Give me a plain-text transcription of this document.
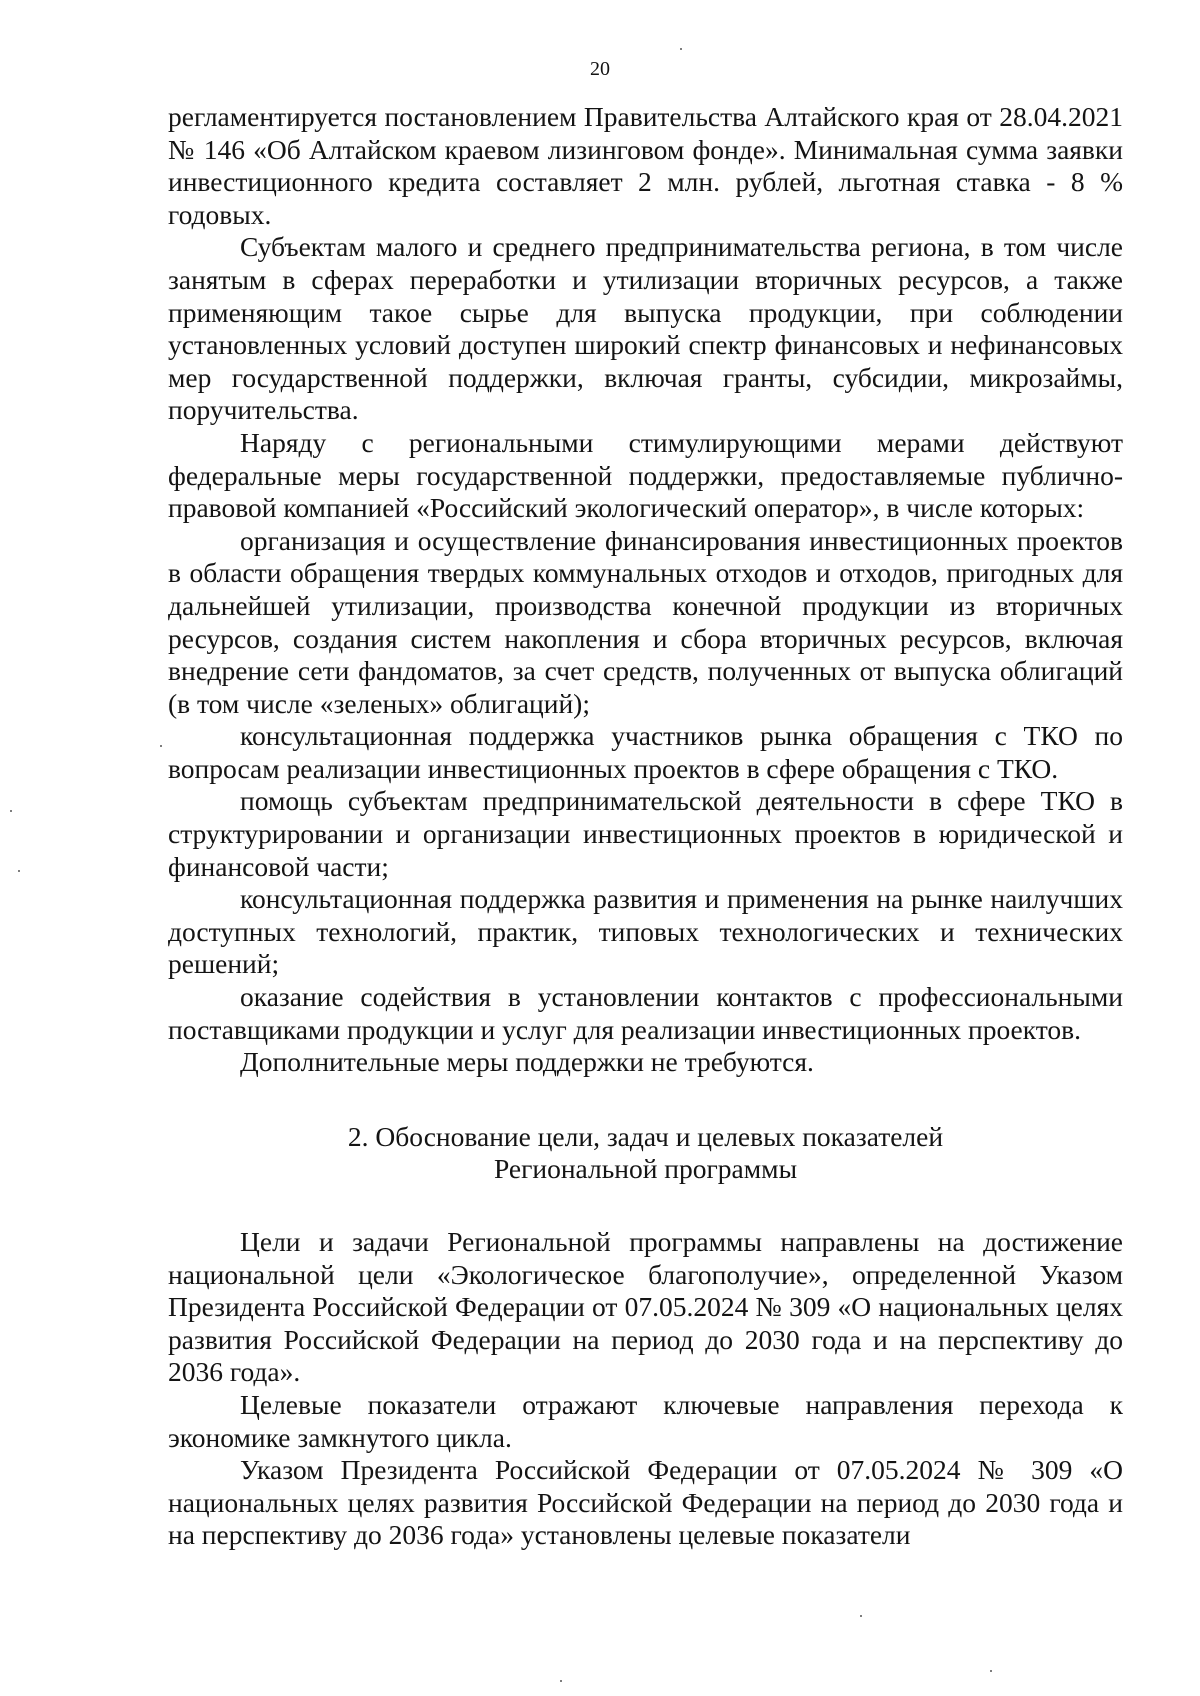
20

регламентируется постановлением Правительства Алтайского края от 28.04.2021 № 146 «Об Алтайском краевом лизинговом фонде». Минимальная сумма заявки инвестиционного кредита составляет 2 млн. рублей, льготная ставка - 8 % годовых.

Субъектам малого и среднего предпринимательства региона, в том числе занятым в сферах переработки и утилизации вторичных ресурсов, а также применяющим такое сырье для выпуска продукции, при соблюдении установленных условий доступен широкий спектр финансовых и нефинансовых мер государственной поддержки, включая гранты, субсидии, микрозаймы, поручительства.

Наряду с региональными стимулирующими мерами действуют федеральные меры государственной поддержки, предоставляемые публично-правовой компанией «Российский экологический оператор», в числе которых:

организация и осуществление финансирования инвестиционных проектов в области обращения твердых коммунальных отходов и отходов, пригодных для дальнейшей утилизации, производства конечной продукции из вторичных ресурсов, создания систем накопления и сбора вторичных ресурсов, включая внедрение сети фандоматов, за счет средств, полученных от выпуска облигаций (в том числе «зеленых» облигаций);

консультационная поддержка участников рынка обращения с ТКО по вопросам реализации инвестиционных проектов в сфере обращения с ТКО.

помощь субъектам предпринимательской деятельности в сфере ТКО в структурировании и организации инвестиционных проектов в юридической и финансовой части;

консультационная поддержка развития и применения на рынке наилучших доступных технологий, практик, типовых технологических и технических решений;

оказание содействия в установлении контактов с профессиональными поставщиками продукции и услуг для реализации инвестиционных проектов.

Дополнительные меры поддержки не требуются.

2. Обоснование цели, задач и целевых показателей
Региональной программы

Цели и задачи Региональной программы направлены на достижение национальной цели «Экологическое благополучие», определенной Указом Президента Российской Федерации от 07.05.2024 № 309 «О национальных целях развития Российской Федерации на период до 2030 года и на перспективу до 2036 года».

Целевые показатели отражают ключевые направления перехода к экономике замкнутого цикла.

Указом Президента Российской Федерации от 07.05.2024 № 309 «О национальных целях развития Российской Федерации на период до 2030 года и на перспективу до 2036 года» установлены целевые показатели
